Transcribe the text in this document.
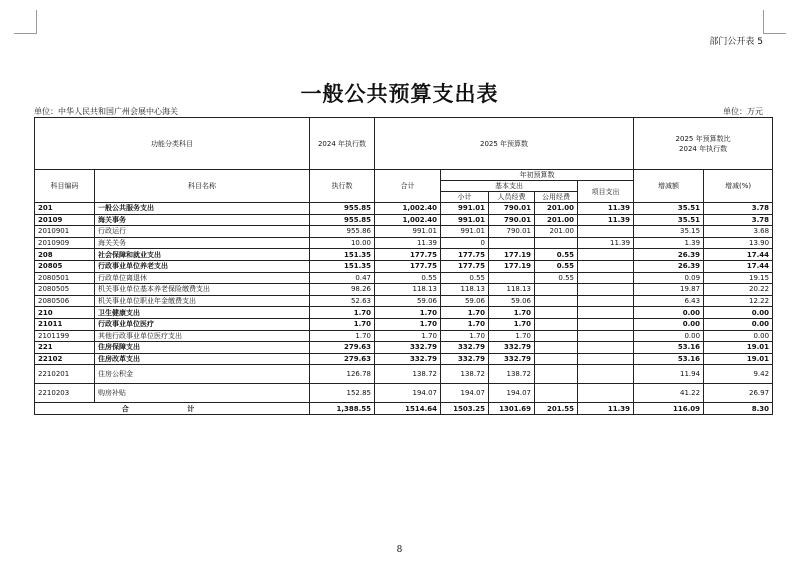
部门公开表 5
一般公共预算支出表
单位：中华人民共和国广州会展中心海关	单位：万元
功能分类科目		2024 年执行数	2025 年预算数					2025 年预算数比
2024 年执行数	

科目编码	科目名称	执行数	合计	年初预算数				增减额	增减(%)
				基本支出			项目支出		
				小计	人员经费	公用经费			
201	一般公共服务支出	955.85	1,002.40	991.01	790.01	201.00	11.39	35.51	3.78
20109	海关事务	955.85	1,002.40	991.01	790.01	201.00	11.39	35.51	3.78
2010901	行政运行	955.86	991.01	991.01	790.01	201.00		35.15	3.68
2010909	海关关务	10.00	11.39	0			11.39	1.39	13.90
208	社会保障和就业支出	151.35	177.75	177.75	177.19	0.55		26.39	17.44
20805	行政事业单位养老支出	151.35	177.75	177.75	177.19	0.55		26.39	17.44
2080501	行政单位离退休	0.47	0.55	0.55		0.55		0.09	19.15
2080505	机关事业单位基本养老保险缴费支出	98.26	118.13	118.13	118.13			19.87	20.22
2080506	机关事业单位职业年金缴费支出	52.63	59.06	59.06	59.06			6.43	12.22
210	卫生健康支出	1.70	1.70	1.70	1.70			0.00	0.00
21011	行政事业单位医疗	1.70	1.70	1.70	1.70			0.00	0.00
2101199	其他行政事业单位医疗支出	1.70	1.70	1.70	1.70			0.00	0.00
221	住房保障支出	279.63	332.79	332.79	332.79			53.16	19.01
22102	住房改革支出	279.63	332.79	332.79	332.79			53.16	19.01
2210201	住房公积金	126.78	138.72	138.72	138.72			11.94	9.42
2210203	购房补贴	152.85	194.07	194.07	194.07			41.22	26.97
合 计		1,388.55	1514.64	1503.25	1301.69	201.55	11.39	116.09	8.30
8
